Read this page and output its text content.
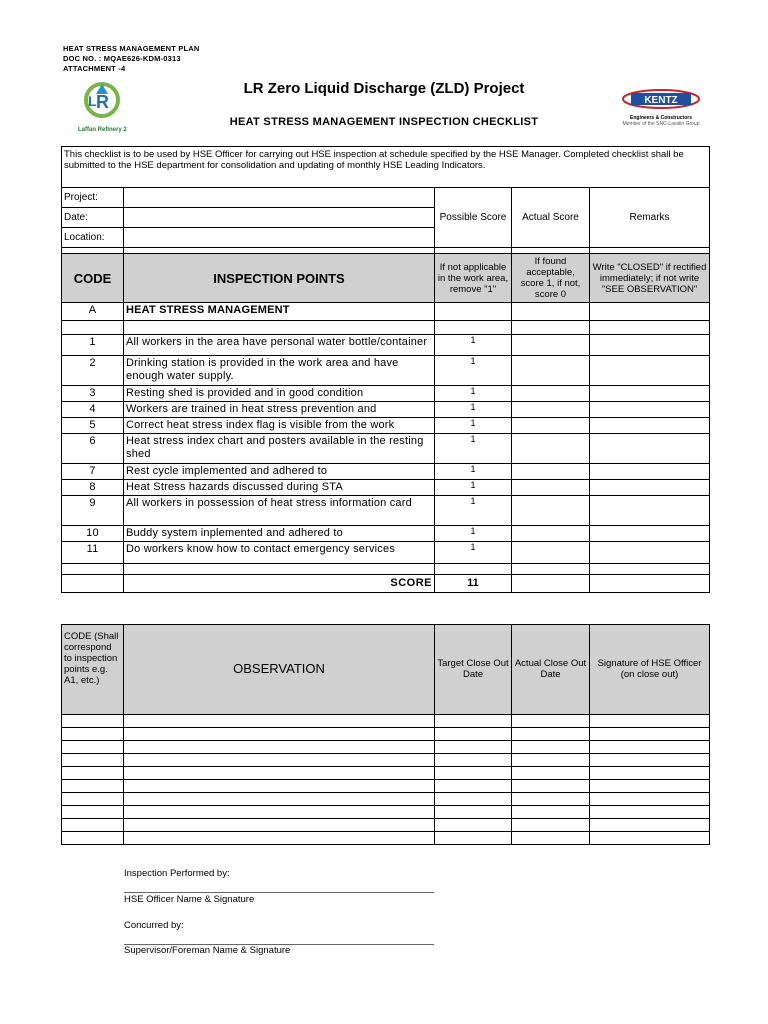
HEAT STRESS MANAGEMENT PLAN
DOC NO. : MQAE626-KDM-0313
ATTACHMENT -4
R
L
Laffan Refinery 2
LR Zero Liquid Discharge (ZLD) Project
HEAT STRESS MANAGEMENT INSPECTION CHECKLIST
KENTZ
Engineers & Constructors
Member of the SNC-Lavalin Group
This checklist is to be used by HSE Officer for carrying out HSE inspection at schedule specified by the HSE Manager. Completed checklist shall be submitted to the HSE department for consolidation and updating of monthly HSE Leading Indicators.				
Project:		Possible Score	Actual Score	Remarks
Date:				
Location:				

CODE	INSPECTION POINTS	If not applicable in the work area, remove "1"	If found acceptable, score 1, if not, score 0	Write "CLOSED" if rectified immediately; if not write "SEE OBSERVATION"
A	HEAT STRESS MANAGEMENT			

1	All workers in the area have personal water bottle/container	1		
2	Drinking station is provided in the work area and have enough water supply.	1		
3	Resting shed is provided and in good condition	1		
4	Workers are trained in heat stress prevention and	1		
5	Correct heat stress index flag is visible from the work	1		
6	Heat stress index chart and posters available in the resting shed	1		
7	Rest cycle implemented and adhered to	1		
8	Heat Stress hazards discussed during STA	1		
9	All workers in possession of heat stress information card	1		
10	Buddy system inplemented and adhered to	1		
11	Do workers know how to contact emergency services	1		

	SCORE	11		
CODE (Shall correspond to inspection points e.g. A1, etc.)	OBSERVATION	Target Close Out Date	Actual Close Out Date	Signature of HSE Officer (on close out)

Inspection Performed by:
HSE Officer Name & Signature
Concurred by:
Supervisor/Foreman Name & Signature
